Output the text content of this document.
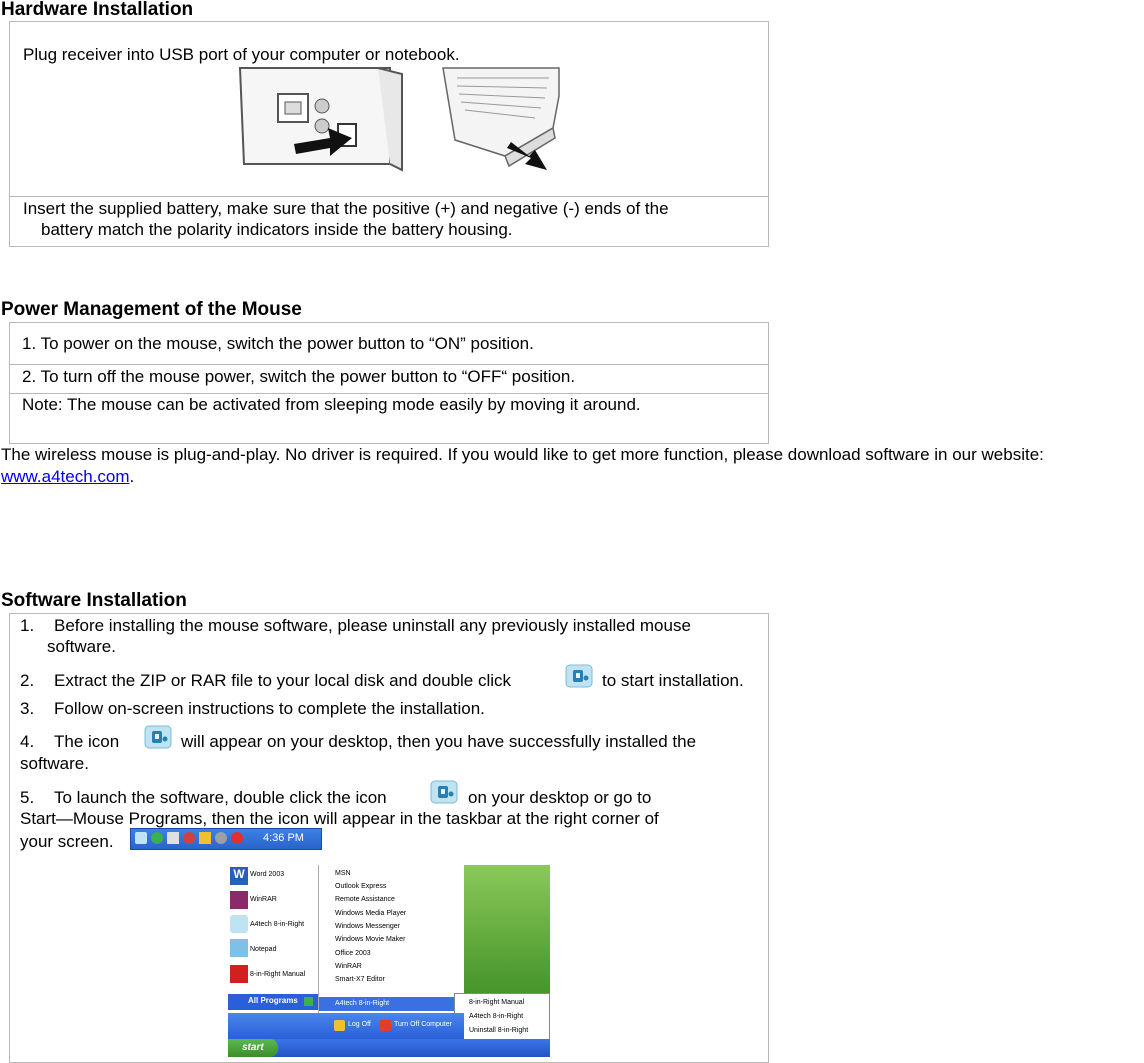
Hardware Installation
Plug receiver into USB port of your computer or notebook.
Insert the supplied battery, make sure that the positive (+) and negative (-) ends of the
battery match the polarity indicators inside the battery housing.
Power Management of the Mouse
1. To power on the mouse, switch the power button to “ON” position.
2. To turn off the mouse power, switch the power button to “OFF“ position.
Note: The mouse can be activated from sleeping mode easily by moving it around.
The wireless mouse is plug-and-play. No driver is required. If you would like to get more function, please download software in our website:
www.a4tech.com.
Software Installation
1. Before installing the mouse software, please uninstall any previously installed mouse
software.
2. Extract the ZIP or RAR file to your local disk and double click	to start installation.
3. Follow on-screen instructions to complete the installation.
4. The icon	will appear on your desktop, then you have successfully installed the
software.
5. To launch the software, double click the icon	on your desktop or go to
Start—Mouse Programs, then the icon will appear in the taskbar at the right corner of
your screen.	4:36 PM
W Word 2003
WinRAR
A4tech 8-in-Right
Notepad
8-in-Right Manual
All Programs
MSN
Outlook Express
Remote Assistance
Windows Media Player
Windows Messenger
Windows Movie Maker
Office 2003
WinRAR
Smart-X7 Editor
A4tech 8-in-Right	8-in-Right Manual
A4tech 8-in-Right
Uninstall 8-in-Right
Log Off	Turn Off Computer
start
